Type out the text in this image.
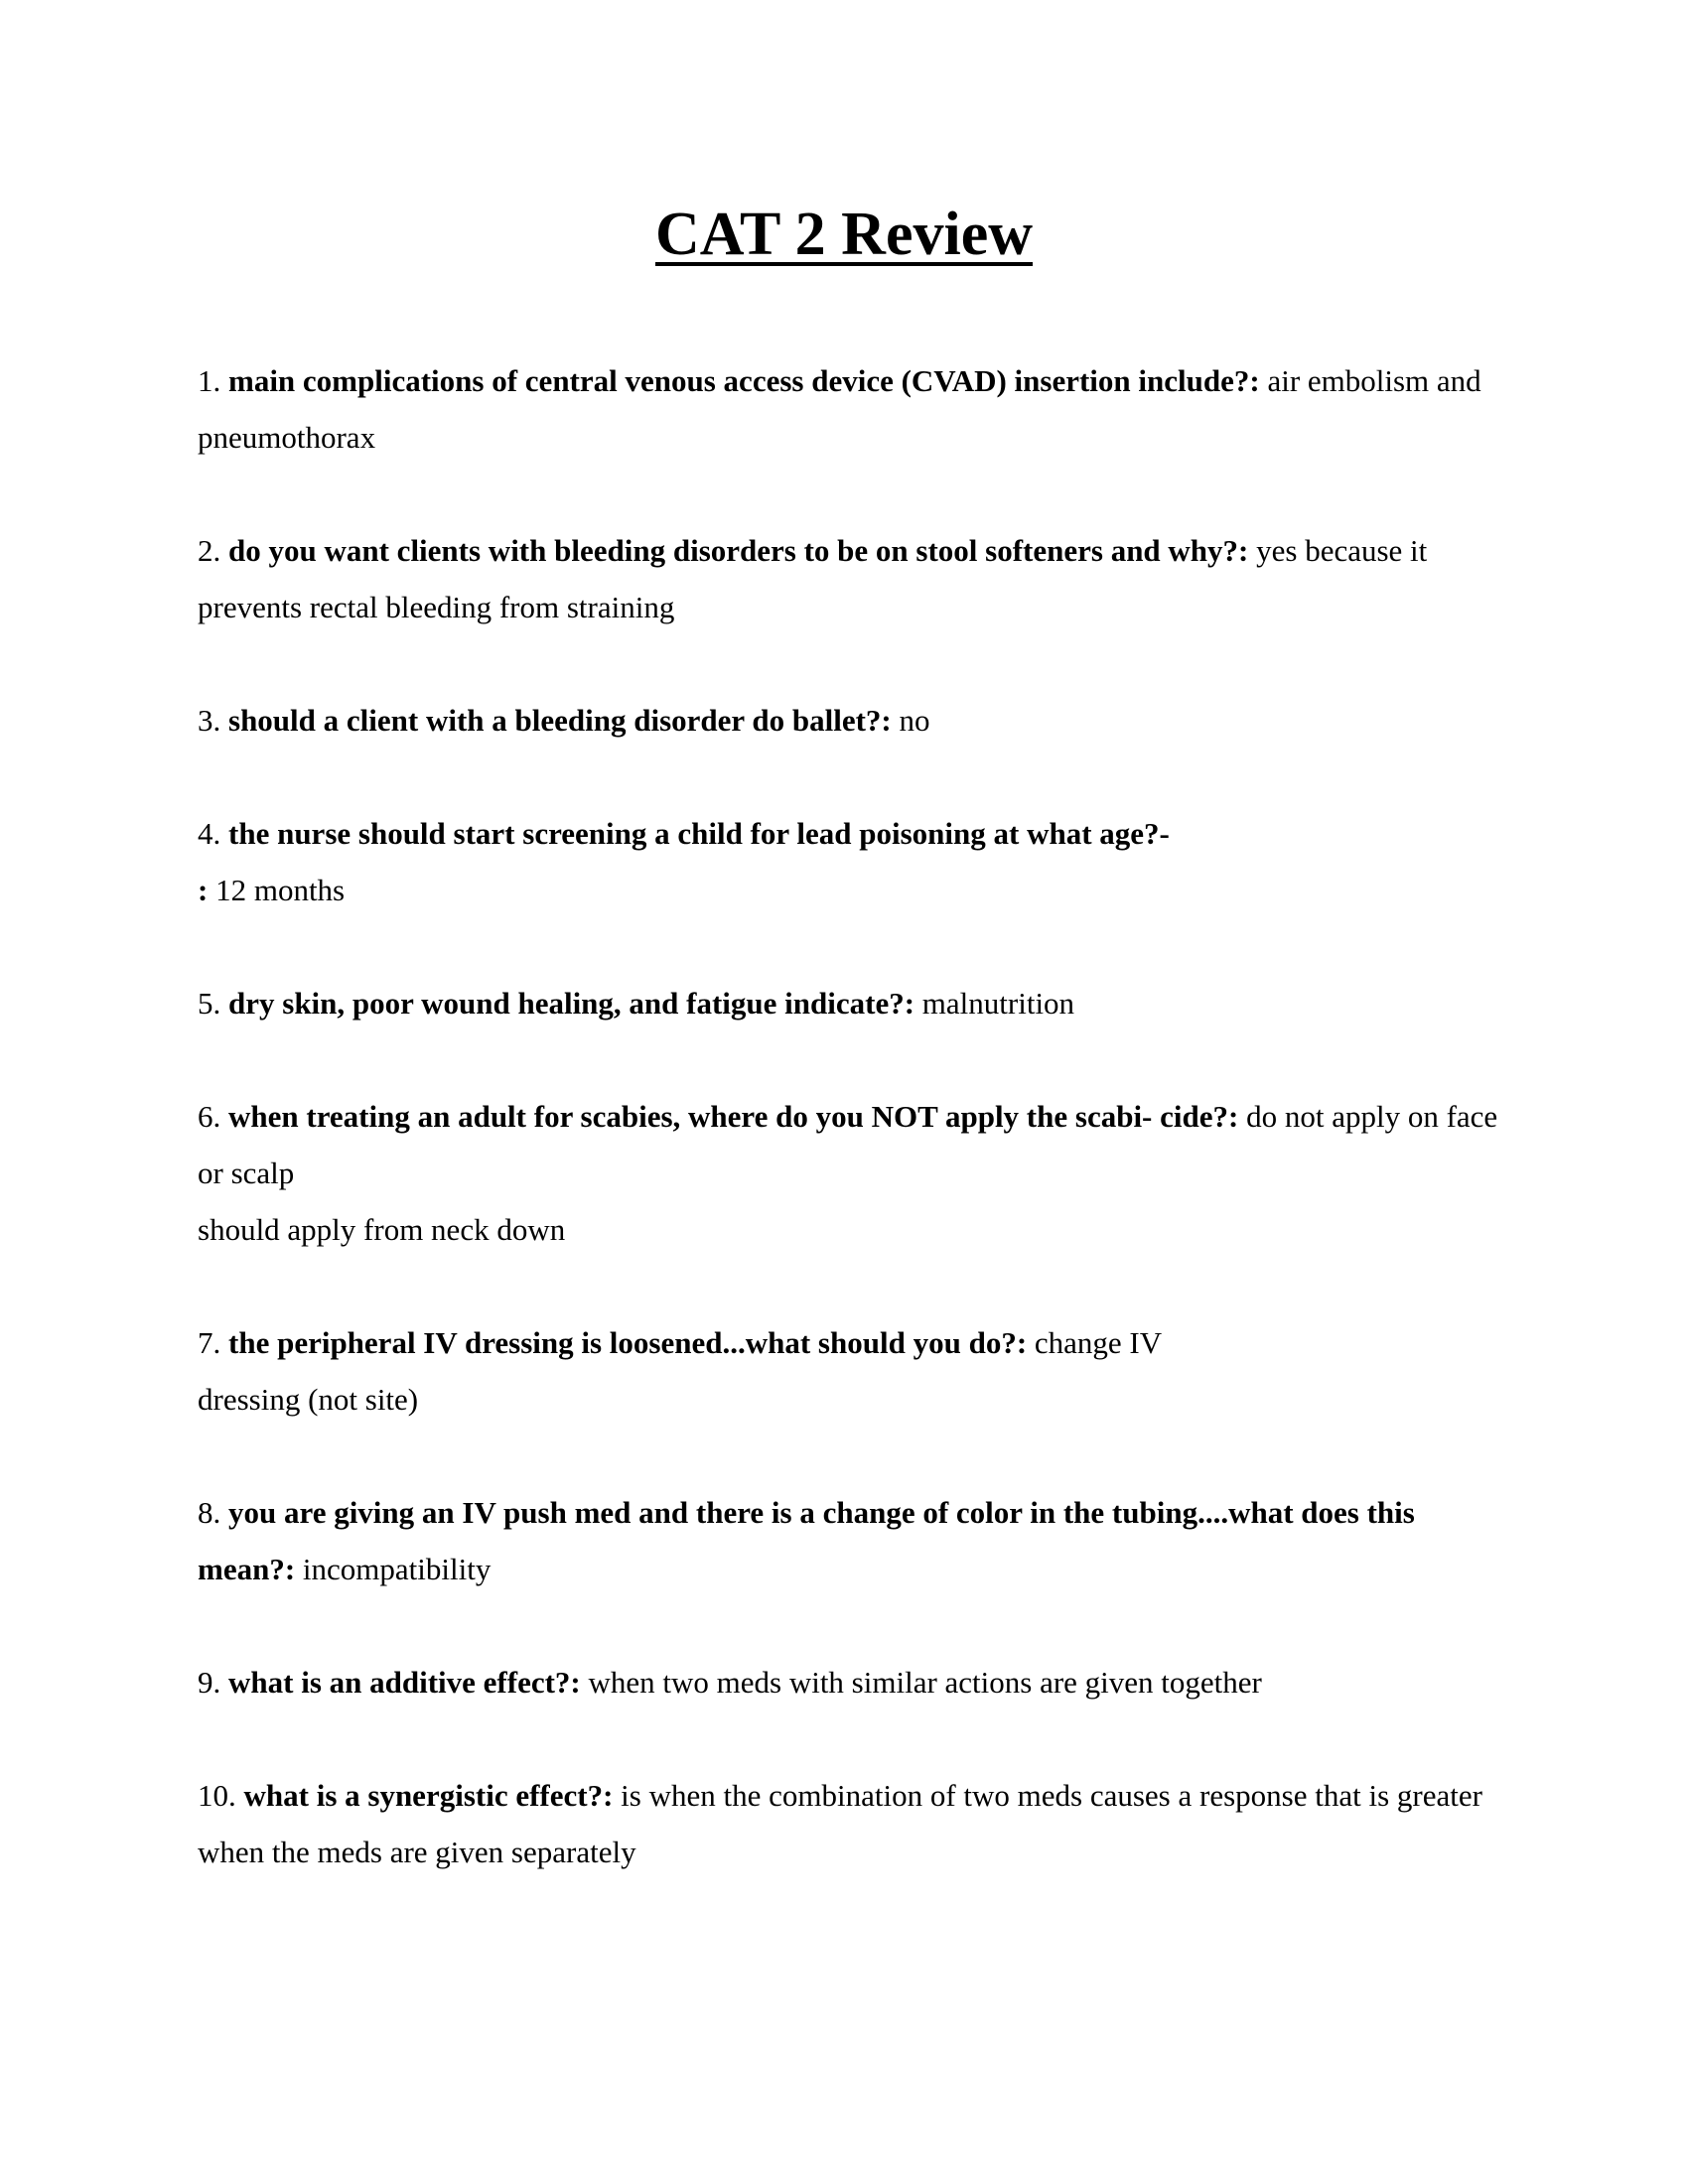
CAT 2 Review
1. main complications of central venous access device (CVAD) insertion include?: air embolism and pneumothorax
2. do you want clients with bleeding disorders to be on stool softeners and why?: yes because it prevents rectal bleeding from straining
3. should a client with a bleeding disorder do ballet?: no
4. the nurse should start screening a child for lead poisoning at what age?-
: 12 months
5. dry skin, poor wound healing, and fatigue indicate?: malnutrition
6. when treating an adult for scabies, where do you NOT apply the scabi- cide?: do not apply on face or scalp
should apply from neck down
7. the peripheral IV dressing is loosened...what should you do?: change IV
dressing (not site)
8. you are giving an IV push med and there is a change of color in the tubing....what does this mean?: incompatibility
9. what is an additive effect?: when two meds with similar actions are given together
10. what is a synergistic effect?: is when the combination of two meds causes a response that is greater when the meds are given separately
